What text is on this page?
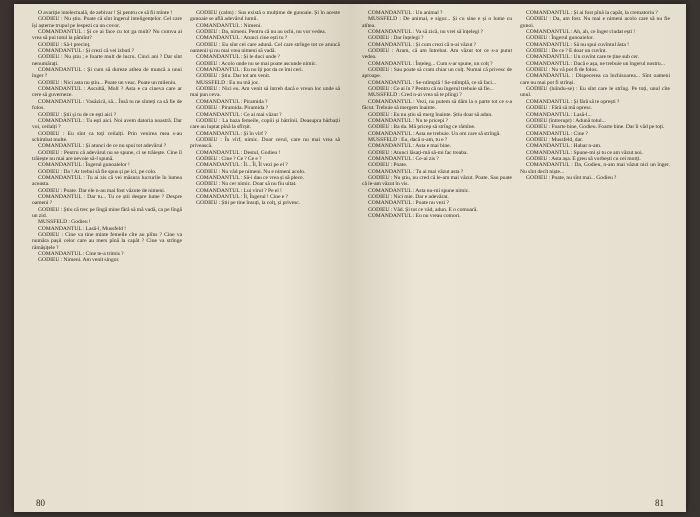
O avariție intelectuală, de zebivar ! Și pentru ce să fii mînte !

GODIEU : Nu știu. Poate că sînt îngerul inteligențelor. Cel care își așterne trupul pe lespezi ca un covor.

COMANDANTUL : Și ce ai face cu tot ga mult? Nu cumva ai vrea să pui totul la pămînt?

GODIEU : Să-l precinț.

COMANDANTUL : Și crezi că vei izbuti ?

GODIEU : Nu știu ; e foarte mult de lucru. Cinci ani ? Dar sînt nenumărați.

COMANDANTUL : Și cum să dureze atîtea de muncă a unui înger ?

GODIEU : Nici asta nu știu... Poate un veac. Poate un mileniu.

COMANDANTUL : Ascultă, Moll ? Asta e ca cineva care ar cere să guverneze.

COMANDANTUL : Vasăzică, să... Însă tu ne sînteți ca să fie de folos.

GODIEU : Știi și tu de ce ești aici ?

COMANDANTUL : Tu ești aici. Noi avem datoria noastră. Dar voi, ceilalți ?

GODIEU : Eu sînt ca toți ceilalți. Prin venirea mea s-au schimbat multe.

COMANDANTUL : Și atunci de ce nu spui tot adevărul ?

GODIEU : Pentru că adevărul nu se spune, ci se trăiește. Cine îl trăiește nu mai are nevoie să-l spună.

COMANDANTUL : Îngerul gunoaielor !

GODIEU : Da ! Ar trebui să fie spus și pe ici, pe colo.

COMANDANTUL : Tu ai zis că vei măsura lucrurile în lumea aceasta.

GODIEU : Poate. Dar ele n-au mai fost văzute de nimeni.

COMANDANTUL : Dar tu... Tu ce știi despre lume ? Despre oameni ?

GODIEU : Știu că trec pe lîngă mine fără să mă vadă, ca pe lîngă un zid.

MUSSFELD : Godieu !

COMANDANTUL : Lasă-l, Mussfeld !

GODIEU : Cine va tine minte femeile cîte au plîns ? Cine va număra pașii celor care au mers pînă la capăt ? Cine va strînge rămășițele ?

COMANDANTUL : Cine te-a trimis ?

GODIEU : Nimeni. Am venit singur.

GODIEU (calm) : Sus există o mulțime de gunoaie. Și în aceste gunoaie se află adevărul lumii.

COMANDANTUL : Nimeni.

GODIEU : Da, nimeni. Pentru că nu au ochi, nu vor vedea.

COMANDANTUL : Atunci cine ești tu ?

GODIEU : Eu sînt cel care adună. Cel care strînge tot ce aruncă oamenii și nu mai vrea nimeni să vadă.

COMANDANTUL : Și le duci unde ?

GODIEU : Acolo unde nu se mai poate ascunde nimic.

COMANDANTUL : Eu nu îți pot da ce îmi ceri.

GODIEU : Știu. Dar tot am venit.

MUSSFELD : Eu nu mă joc.

GODIEU : Nici eu. Am venit să întreb dacă e vreun loc unde să mai pun ceva.

COMANDANTUL : Piramida ?

GODIEU : Piramida. Piramida ?

COMANDANTUL : Ce ai mai văzut ?

GODIEU : La baza femeile, copiii și bătrînii. Deasupra bărbații care au luptat pînă la sfîrșit.

COMANDANTUL : Și în vîrf ?

GODIEU : În vîrf, nimic. Doar cerul, care nu mai vrea să privească.

COMANDANTUL : Destul, Godieu !

GODIEU : Cine ? Ce ? Ce e ?

COMANDANTUL : Îl... Îl, Îl vezi pe el ?

GODIEU : Nu văd pe nimeni. Nu e nimeni acolo.

COMANDANTUL : Să-i dau ce vrea și să plece.

GODIEU : Nu cer nimic. Doar să nu fiu uitat.

COMANDANTUL : Lui vîrul ? Pe el !

COMANDANTUL : Îl, Îngerul ! Cine e ?

GODIEU : Știi pe tine însuți, la colț, și privesc.

80

COMANDANTUL : Un animal ?

MUSSFELD : De animal, e sigur... Și cu sine e și o lume cu atîtea.

COMANDANTUL : Va să zică, nu vrei să înțelegi ?

GODIEU : Dar înțelegi ?

COMANDANTUL : Și cum crezi că n-ai văzut ?

GODIEU : Aram, că am întrebat. Am văzut tot ce s-a putut vedea.

COMANDANTUL : Înțeleg... Cum s-ar spune, un colț ?

GODIEU : Sau poate să cram chiar un colț. Numai că privesc de aproape.

COMANDANTUL : Se-ntîmplă ! Se-ntîmplă, ce să faci...

GODIEU : Ce ai în ? Pentru că nu îngerul trebuie să fie...

MUSSFELD : Cred n-ai vrea să te plîngi ?

COMANDANTUL : Vezi, nu putem să dăm la o parte tot ce s-a făcut. Trebuie să mergem înainte.

GODIEU : Eu nu știu să merg înainte. Știu doar să adun.

COMANDANTUL : Nu te pricepi ?

GODIEU : Ba da. Mă pricep să strîng ce rămîne.

COMANDANTUL : Asta ne trebuie. Un om care să strîngă.

MUSSFELD : Eu, dacă n-am, tu e ?

COMANDANTUL : Asta e mai bine.

GODIEU : Atunci lăsați-mă să-mi fac treaba.

COMANDANTUL : Ce-ai zis ?

GODIEU : Poate.

COMANDANTUL : Tu ai mai văzut asta ?

GODIEU : Nu știu, nu cred că le-am mai văzut. Poate. Sau poate că le-am văzut în vis.

COMANDANTUL : Asta nu-mi spune nimic.

GODIEU : Nici mie. Dar e adevărat.

COMANDANTUL : Poate nu vezi ?

GODIEU : Văd. Și tot ce văd, adun. E o comoară.

COMANDANTUL : Eu nu vreau comori.

COMANDANTUL : Și ai fost pînă la capăt, la crematoriu ?

GODIEU : Da, am fost. Nu mai e nimeni acolo care să nu fie gunoi.

COMANDANTUL : Ah, ah, ce înger ciudat ești !

GODIEU : Îngerul gunoaielor.

COMANDANTUL : Să nu spui cuvîntul ăsta !

GODIEU : De ce ? E doar un cuvînt.

COMANDANTUL : Un cuvînt care te ține sub cer.

COMANDANTUL : Dacă e așa, ne trebuie un îngerul nostru...

GODIEU : Nu vă pot fi de folos.

COMANDANTUL : Dispecerea ca închisoarea... Sînt oameni care nu mai pot fi strînși.

GODIEU (luîndu-se) : Eu sînt care le strîng. Pe toți, unul cîte unul.

COMANDANTUL : Și fără să te oprești ?

GODIEU : Fără să mă opresc.

COMANDANTUL : Lasă-l...

GODIEU (întrerupt) : Adună totul...

GODIEU : Foarte bine, Godieu. Foarte bine. Dar îi văd pe toți.

COMANDANTUL : Cine ?

GODIEU : Mussfeld, dar.

COMANDANTUL : Habar n-am.

COMANDANTUL : Spune-mi și tu ce am văzut noi.

GODIEU : Asta așa. E greu să vorbești cu cei morți.

COMANDANTUL : Da, Godieu, n-am mai văzut nici un înger. Nu sînt decît niște...

GODIEU : Poate, nu sînt mai... Godieu ?

81
